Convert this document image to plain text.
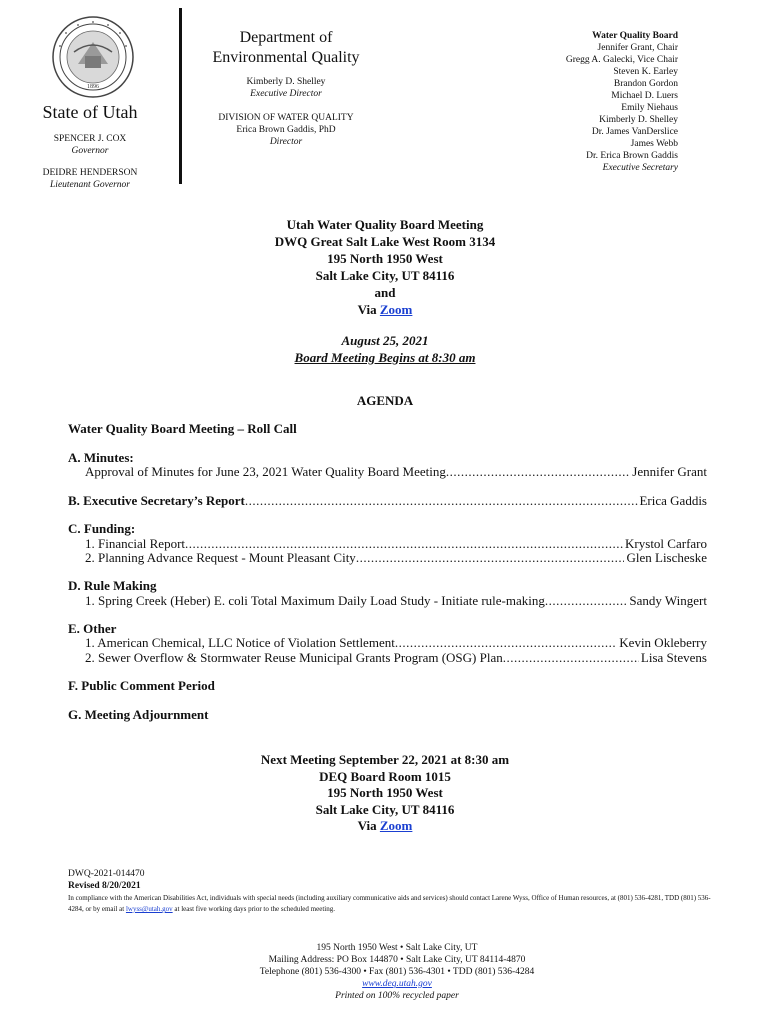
1896
State of Utah
SPENCER J. COX
Governor
DEIDRE HENDERSON
Lieutenant Governor
Department of
Environmental Quality
Kimberly D. Shelley
Executive Director
DIVISION OF WATER QUALITY
Erica Brown Gaddis, PhD
Director
Water Quality Board
Jennifer Grant, Chair
Gregg A. Galecki, Vice Chair
Steven K. Earley
Brandon Gordon
Michael D. Luers
Emily Niehaus
Kimberly D. Shelley
Dr. James VanDerslice
James Webb
Dr. Erica Brown Gaddis
Executive Secretary
Utah Water Quality Board Meeting
DWQ Great Salt Lake West Room 3134
195 North 1950 West
Salt Lake City, UT 84116
and
Via Zoom
August 25, 2021
Board Meeting Begins at 8:30 am
AGENDA
Water Quality Board Meeting – Roll Call
A. Minutes:
Approval of Minutes for June 23, 2021 Water Quality Board Meeting .....	Jennifer Grant
B. Executive Secretary’s Report .....	Erica Gaddis
C. Funding:
1. Financial Report .....	Krystol Carfaro
2. Planning Advance Request - Mount Pleasant City .....	Glen Lischeske
D. Rule Making
1. Spring Creek (Heber) E. coli Total Maximum Daily Load Study - Initiate rule-making .....	Sandy Wingert
E. Other
1. American Chemical, LLC Notice of Violation Settlement .....	Kevin Okleberry
2. Sewer Overflow & Stormwater Reuse Municipal Grants Program (OSG) Plan .....	Lisa Stevens
F. Public Comment Period
G. Meeting Adjournment
Next Meeting September 22, 2021 at 8:30 am
DEQ Board Room 1015
195 North 1950 West
Salt Lake City, UT 84116
Via Zoom
DWQ-2021-014470
Revised 8/20/2021
In compliance with the American Disabilities Act, individuals with special needs (including auxiliary communicative aids and services) should contact Larene Wyss, Office of Human resources, at (801) 536-4281, TDD (801) 536-4284, or by email at lwyss@utah.gov at least five working days prior to the scheduled meeting.
195 North 1950 West • Salt Lake City, UT
Mailing Address: PO Box 144870 • Salt Lake City, UT 84114-4870
Telephone (801) 536-4300 • Fax (801) 536-4301 • TDD (801) 536-4284
www.deq.utah.gov
Printed on 100% recycled paper
